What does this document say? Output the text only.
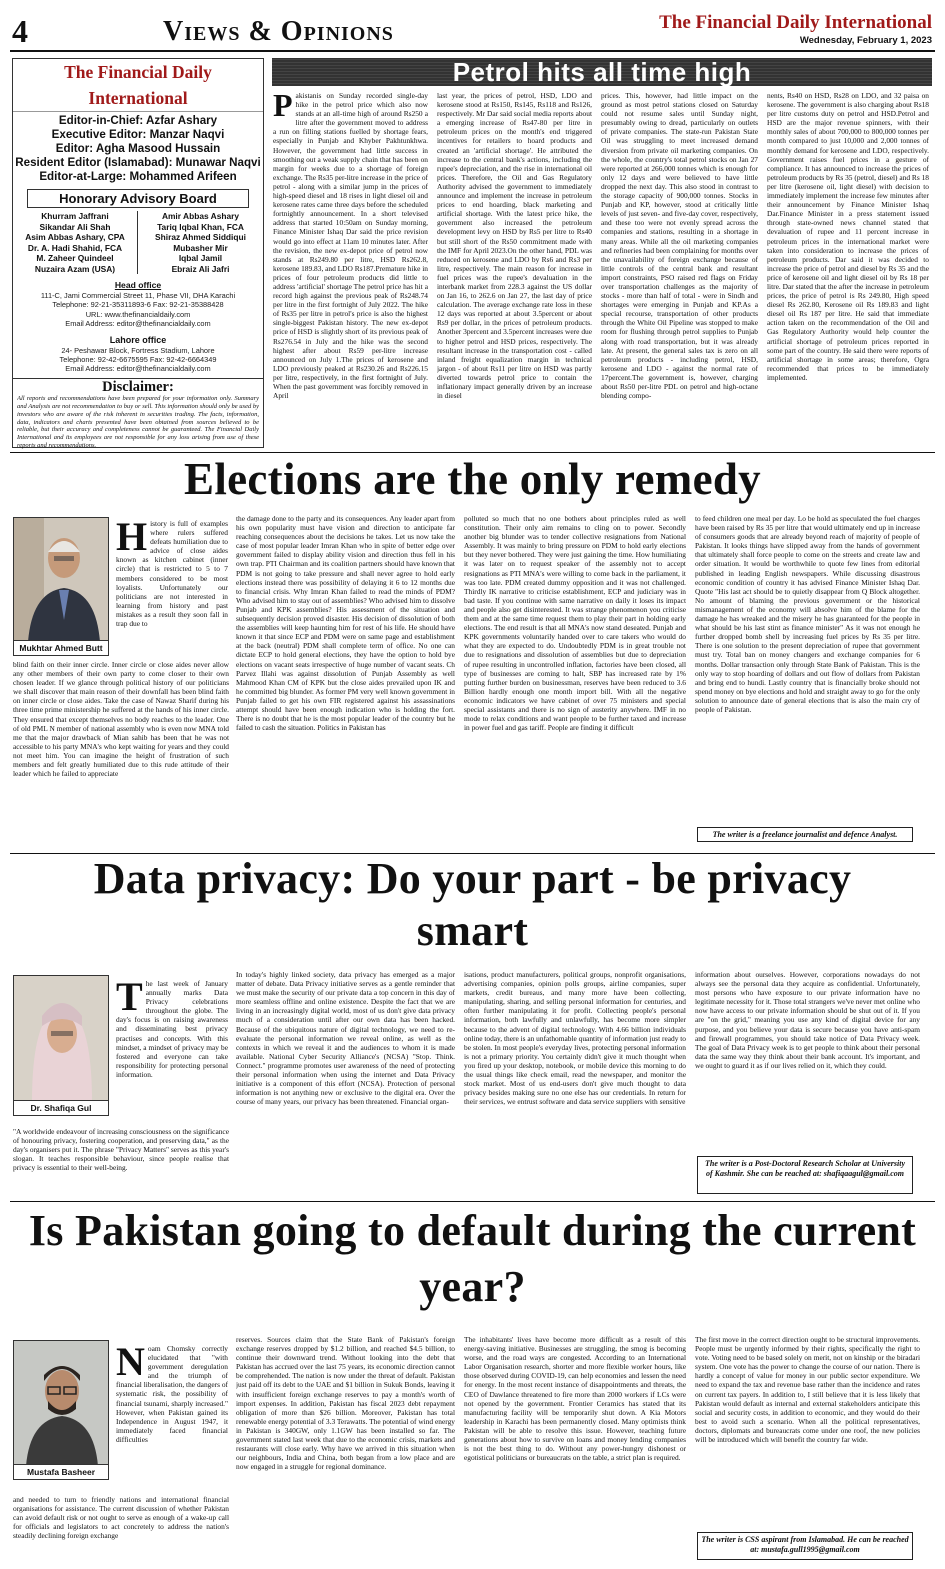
4	Views & Opinions	The Financial Daily International
Wednesday, February 1, 2023
The Financial Daily International
Editor-in-Chief: Azfar Ashary
Executive Editor: Manzar Naqvi
Editor: Agha Masood Hussain
Resident Editor (Islamabad): Munawar Naqvi
Editor-at-Large: Mohammed Arifeen
Honorary Advisory Board
Khurram Jaffrani
Sikandar Ali Shah
Asim Abbas Ashary, CPA
Dr. A. Hadi Shahid, FCA
M. Zaheer Quindeel
Nuzaira Azam (USA)
Amir Abbas Ashary
Tariq Iqbal Khan, FCA
Shiraz Ahmed Siddiqui
Mubasher Mir
Iqbal Jamil
Ebraiz Ali Jafri
Head office
111-C, Jami Commercial Street 11, Phase VII, DHA Karachi
Telephone: 92-21-35311893-6 Fax: 92-21-35388428
URL: www.thefinancialdaily.com
Email Address: editor@thefinancialdaily.com
Lahore office
24- Peshawar Block, Fortress Stadium, Lahore
Telephone: 92-42-6675595 Fax: 92-42-6664349
Email Address: editor@thefinancialdaily.com
Disclaimer:
All reports and recommendations have been prepared for your information only. Summary and Analysis are not recommendation to buy or sell. This information should only be used by investors who are aware of the risk inherent in securities trading. The facts, information, data, indicators and charts presented have been obtained from sources believed to be reliable, but their accuracy and completeness cannot be guaranteed. The Financial Daily International and its employees are not responsible for any loss arising from use of these reports and recommendations.
Petrol hits all time high
Pakistanis on Sunday recorded single-day hike in the petrol price which also now stands at an all-time high of around Rs250 a litre after the government moved to address a run on filling stations fuelled by shortage fears, especially in Punjab and Khyber Pakhtunkhwa. However, the government had little success in smoothing out a weak supply chain that has been on margin for weeks due to a shortage of foreign exchange. The Rs35 per-litre increase in the price of petrol - along with a similar jump in the prices of high-speed diesel and 18 rises in light diesel oil and kerosene rates came three days before the scheduled fortnightly announcement. In a short televised address that started 10:50am on Sunday morning, Finance Minister Ishaq Dar said the price revision would go into effect at 11am 10 minutes later. After the revision, the new ex-depot price of petrol now stands at Rs249.80 per litre, HSD Rs262.8, kerosene 189.83, and LDO Rs187.Premature hike in prices of four petroleum products did little to address 'artificial' shortage The petrol price has hit a record high against the previous peak of Rs248.74 per litre in the first fortnight of July 2022. The hike of Rs35 per litre in petrol's price is also the highest single-biggest Pakistan history. The new ex-depot price of HSD is slightly short of its previous peak of Rs276.54 in July and the hike was the second highest after about Rs59 per-litre increase announced on July 1.The prices of kerosene and LDO previously peaked at Rs230.26 and Rs226.15 per litre, respectively, in the first fortnight of July. When the past government was forcibly removed in April
last year, the prices of petrol, HSD, LDO and kerosene stood at Rs150, Rs145, Rs118 and Rs126, respectively. Mr Dar said social media reports about a emerging increase of Rs47-80 per litre in petroleum prices on the month's end triggered incentives for retailers to hoard products and created an 'artificial shortage'. He attributed the increase to the central bank's actions, including the rupee's depreciation, and the rise in international oil prices. Therefore, the Oil and Gas Regulatory Authority advised the government to immediately announce and implement the increase in petroleum prices to end hoarding, black marketing and artificial shortage. With the latest price hike, the government also increased the petroleum development levy on HSD by Rs5 per litre to Rs40 but still short of the Rs50 commitment made with the IMF for April 2023.On the other hand, PDL was reduced on kerosene and LDO by Rs6 and Rs3 per litre, respectively. The main reason for increase in fuel prices was the rupee's devaluation in the interbank market from 228.3 against the US dollar on Jan 16, to 262.6 on Jan 27, the last day of price calculation. The average exchange rate loss in these 12 days was reported at about 3.5percent or about Rs9 per dollar, in the prices of petroleum products. Another 3percent and 3.5percent increases were due to higher petrol and HSD prices, respectively. The resultant increase in the transportation cost - called inland freight equalization margin in technical jargon - of about Rs11 per litre on HSD was partly diverted towards petrol price to contain the inflationary impact generally driven by an increase in diesel
prices. This, however, had little impact on the ground as most petrol stations closed on Saturday could not resume sales until Sunday night, presumably owing to dread, particularly on outlets of private companies. The state-run Pakistan State Oil was struggling to meet increased demand diversion from private oil marketing companies. On the whole, the country's total petrol stocks on Jan 27 were reported at 266,000 tonnes which is enough for only 12 days and were believed to have little dropped the next day. This also stood in contrast to the storage capacity of 900,000 tonnes. Stocks in Punjab and KP, however, stood at critically little levels of just seven- and five-day cover, respectively, and these too were not evenly spread across the companies and stations, resulting in a shortage in many areas. While all the oil marketing companies and refineries had been complaining for months over the unavailability of foreign exchange because of little controls of the central bank and resultant import constraints, PSO raised red flags on Friday over transportation challenges as the majority of stocks - more than half of total - were in Sindh and shortages were emerging in Punjab and KP.As a special recourse, transportation of other products through the White Oil Pipeline was stopped to make room for flushing through petrol supplies to Punjab along with road transportation, but it was already late. At present, the general sales tax is zero on all petroleum products - including petrol, HSD, kerosene and LDO - against the normal rate of 17percent.The government is, however, charging about Rs50 per-litre PDL on petrol and high-octane blending compo-
nents, Rs40 on HSD, Rs28 on LDO, and 32 paisa on kerosene. The government is also charging about Rs18 per litre customs duty on petrol and HSD.Petrol and HSD are the major revenue spinners, with their monthly sales of about 700,000 to 800,000 tonnes per month compared to just 10,000 and 2,000 tonnes of monthly demand for kerosene and LDO, respectively. Government raises fuel prices in a gesture of compliance. It has announced to increase the prices of petroleum products by Rs 35 (petrol, diesel) and Rs 18 per litre (kerosene oil, light diesel) with decision to immediately implement the increase few minutes after their announcement by Finance Minister Ishaq Dar.Finance Minister in a press statement issued through state-owned news channel stated that devaluation of rupee and 11 percent increase in petroleum prices in the international market were taken into consideration to increase the prices of petroleum products. Dar said it was decided to increase the price of petrol and diesel by Rs 35 and the price of kerosene oil and light diesel oil by Rs 18 per litre. Dar stated that the after the increase in petroleum prices, the price of petrol is Rs 249.80, High speed diesel Rs 262.80, Kerosene oil Rs 189.83 and light diesel oil Rs 187 per litre. He said that immediate action taken on the recommendation of the Oil and Gas Regulatory Authority would help counter the artificial shortage of petroleum prices reported in some part of the country. He said there were reports of artificial shortage in some areas; therefore, Ogra recommended that prices to be immediately implemented.
Elections are the only remedy
Mukhtar Ahmed Butt
History is full of examples where rulers suffered defeats humiliation due to advice of close aides known as kitchen cabinet (inner circle) that is restricted to 5 to 7 members considered to be most loyalists. Unfortunately our politicians are not interested in learning from history and past mistakes as a result they soon fall in trap due to
blind faith on their inner circle. Inner circle or close aides never allow any other members of their own party to come closer to their own chosen leader. If we glance through political history of our politicians we shall discover that main reason of their downfall has been blind faith on inner circle or close aides. Take the case of Nawaz Sharif during his three time prime ministership he suffered at the hands of his inner circle. They ensured that except themselves no body reaches to the leader. One of old PML N member of national assembly who is even now MNA told me that the major drawback of Mian sahib has been that he was not accessible to his party MNA's who kept waiting for years and they could not meet him. You can imagine the height of frustration of such members and felt greatly humiliated due to this rude attitude of their leader which he failed to appreciate
the damage done to the party and its consequences. Any leader apart from his own popularity must have vision and direction to anticipate far reaching consequences about the decisions he takes. Let us now take the case of most popular leader Imran Khan who in spite of better edge over government failed to display ability vision and direction thus fell in his own trap. PTI Chairman and its coalition partners should have known that PDM is not going to take pressure and shall never agree to hold early elections instead there was possibility of delaying it 6 to 12 months due to financial crisis. Why Imran Khan failed to read the minds of PDM? Who advised him to stay out of assemblies? Who advised him to dissolve Punjab and KPK assemblies? His assessment of the situation and subsequently decision proved disaster. His decision of dissolution of both the assemblies will keep haunting him for rest of his life. He should have known it that since ECP and PDM were on same page and establishment at the back (neutral) PDM shall complete term of office. No one can dictate ECP to hold general elections, they have the option to hold bye elections on vacant seats irrespective of huge number of vacant seats. Ch Parvez Illahi was against dissolution of Punjab Assembly as well Mahmood Khan CM of KPK but the close aides prevailed upon IK and he committed big blunder. As former PM very well known government in Punjab failed to get his own FIR registered against his assassinations attempt should have been enough indication who is holding the fort. There is no doubt that he is the most popular leader of the country but he failed to cash the situation. Politics in Pakistan has
polluted so much that no one bothers about principles ruled as well constitution. Their only aim remains to cling on to power. Secondly another big blunder was to tender collective resignations from National Assembly. It was mainly to bring pressure on PDM to hold early elections but they never bothered. They were just gaining the time. How humiliating it was later on to request speaker of the assembly not to accept resignations as PTI MNA's were willing to come back in the parliament, it was too late. PDM created dummy opposition and it was not challenged. Thirdly IK narrative to criticise establishment, ECP and judiciary was in bad taste. If you continue with same narrative on daily it loses its impact and people also get disinterested. It was strange phenomenon you criticise them and at the same time request them to play their part in holding early elections. The end result is that all MNA's now stand deseated. Punjab and KPK governments voluntarily handed over to care takers who would do what they are expected to do. Undoubtedly PDM is in great trouble not due to resignations and dissolution of assemblies but due to depreciation of rupee resulting in uncontrolled inflation, factories have been closed, all type of businesses are coming to halt, SBP has increased rate by 1% putting further burden on businessman, reserves have been reduced to 3.6 Billion hardly enough one month import bill. With all the negative economic indicators we have cabinet of over 75 ministers and special special assistants and there is no sign of austerity anywhere. IMF in no mode to relax conditions and want people to be further taxed and increase in power fuel and gas tariff. People are finding it difficult
to feed children one meal per day. Lo be hold as speculated the fuel charges have been raised by Rs 35 per litre that would ultimately end up in increase of consumers goods that are already beyond reach of majority of people of Pakistan. It looks things have slipped away from the hands of government that ultimately shall force people to come on the streets and create law and order situation. It would be worthwhile to quote few lines from editorial published in leading English newspapers. While discussing disastrous economic condition of country it has advised Finance Minister Ishaq Dar. Quote "His last act should be to quietly disappear from Q Block altogether. No amount of blaming the previous government or the historical mismanagement of the economy will absolve him of the blame for the damage he has wreaked and the misery he has guaranteed for the people in what should be his last stint as finance minister" As it was not enough he further dropped bomb shell by increasing fuel prices by Rs 35 per litre. There is one solution to the present depreciation of rupee that government must try. Total ban on money changers and exchange companies for 6 months. Dollar transaction only through State Bank of Pakistan. This is the only way to stop hoarding of dollars and out flow of dollars from Pakistan and bring end to hundi. Lastly country that is financially broke should not spend money on bye elections and hold and straight away to go for the only solution to announce date of general elections that is also the main cry of people of Pakistan.
The writer is a freelance journalist and defence Analyst.
Data privacy: Do your part - be privacy smart
Dr. Shafiqa Gul
The last week of January annually marks Data Privacy celebrations throughout the globe. The day's focus is on raising awareness and disseminating best privacy practises and concepts. With this mindset, a mindset of privacy may be fostered and everyone can take responsibility for protecting personal information.
"A worldwide endeavour of increasing consciousness on the significance of honouring privacy, fostering cooperation, and preserving data," as the day's organisers put it. The phrase "Privacy Matters" serves as this year's slogan. It teaches responsible behaviour, since people realise that privacy is essential to their well-being.
In today's highly linked society, data privacy has emerged as a major matter of debate. Data Privacy initiative serves as a gentle reminder that we must make the security of our private data a top concern in this day of more seamless offline and online existence. Despite the fact that we are living in an increasingly digital world, most of us don't give data privacy much of a consideration until after our own data has been hacked. Because of the ubiquitous nature of digital technology, we need to re-evaluate the personal information we reveal online, as well as the contexts in which we reveal it and the audiences to whom it is made available. National Cyber Security Alliance's (NCSA) "Stop. Think. Connect." programme promotes user awareness of the need of protecting their personal information when using the internet and Data Privacy initiative is a component of this effort (NCSA). Protection of personal information is not anything new or exclusive to the digital era. Over the course of many years, our privacy has been threatened. Financial organ-
isations, product manufacturers, political groups, nonprofit organisations, advertising companies, opinion polls groups, airline companies, super markets, credit bureaus, and many more have been collecting, manipulating, sharing, and selling personal information for centuries, and often further manipulating it for profit. Collecting people's personal information, both lawfully and unlawfully, has become more simpler because to the advent of digital technology. With 4.66 billion individuals online today, there is an unfathomable quantity of information just ready to be stolen. In most people's everyday lives, protecting personal information is not a primary priority. You certainly didn't give it much thought when you fired up your desktop, notebook, or mobile device this morning to do the usual things like check email, read the newspaper, and monitor the stock market. Most of us end-users don't give much thought to data privacy besides making sure no one else has our credentials. In return for their services, we entrust software and data service suppliers with sensitive
information about ourselves. However, corporations nowadays do not always see the personal data they acquire as confidential. Unfortunately, most persons who have exposure to our private information have no legitimate necessity for it. Those total strangers we've never met online who now have access to our private information should be shut out of it. If you are "on the grid," meaning you use any kind of digital device for any purpose, and you believe your data is secure because you have anti-spam and firewall programmes, you should take notice of Data Privacy week. The goal of Data Privacy week is to get people to think about their personal data the same way they think about their bank account. It's important, and we ought to guard it as if our lives relied on it, which they could.
The writer is a Post-Doctoral Research Scholar at University of Kashmir. She can be reached at: shafiqaagul@gmail.com
Is Pakistan going to default during the current year?
Mustafa Basheer
Noam Chomsky correctly elucidated that "with government deregulation and the triumph of financial liberalisation, the dangers of systematic risk, the possibility of financial tsunami, sharply increased." However, when Pakistan gained its Independence in August 1947, it immediately faced financial difficulties
and needed to turn to friendly nations and international financial organisations for assistance. The current discussion of whether Pakistan can avoid default risk or not ought to serve as enough of a wake-up call for officials and legislators to act concretely to address the nation's steadily declining foreign exchange
reserves. Sources claim that the State Bank of Pakistan's foreign exchange reserves dropped by $1.2 billion, and reached $4.5 billion, to continue their downward trend. Without looking into the debt that Pakistan has accrued over the last 75 years, its economic direction cannot be comprehended. The nation is now under the threat of default. Pakistan just paid off its debt to the UAE and $1 billion in Sukuk Bonds, leaving it with insufficient foreign exchange reserves to pay a month's worth of import expenses. In addition, Pakistan has fiscal 2023 debt repayment obligation of more than $26 billion. Moreover, Pakistan has total renewable energy potential of 3.3 Terawatts. The potential of wind energy in Pakistan is 340GW, only 1.1GW has been installed so far. The government stated last week that due to the economic crisis, markets and restaurants will close early. Why have we arrived in this situation when our neighbours, India and China, both began from a low place and are now engaged in a struggle for regional dominance.
The inhabitants' lives have become more difficult as a result of this energy-saving initiative. Businesses are struggling, the smog is becoming worse, and the road ways are congested. According to an International Labor Organisation research, shorter and more flexible worker hours, like those observed during COVID-19, can help economies and lessen the need for energy. In the most recent instance of disappointments and threats, the CEO of Dawlance threatened to fire more than 2000 workers if LCs were not opened by the government. Frontier Ceramics has stated that its manufacturing facility will be temporarily shut down. A Kia Motors leadership in Karachi has been permanently closed. Many optimists think Pakistan will be able to resolve this issue. However, teaching future generations about how to survive on loans and money lending companies is not the best thing to do. Without any power-hungry dishonest or egotistical politicians or bureaucrats on the table, a strict plan is required.
The first move in the correct direction ought to be structural improvements. People must be urgently informed by their rights, specifically the right to vote. Voting need to be based solely on merit, not on kinship or the biradari system. One vote has the power to change the course of our nation. There is hardly a concept of value for money in our public sector expenditure. We need to expand the tax and revenue base rather than the incidence and rates on current tax payers. In addition to, I still believe that it is less likely that Pakistan would default as internal and external stakeholders anticipate this social and security costs, in addition to economic, and they would do their best to avoid such a scenario. When all the political representatives, doctors, diplomats and bureaucrats come under one roof, the new policies will be introduced which will benefit the country far wide.
The writer is CSS aspirant from Islamabad. He can be reached at: mustafa.gull1995@gmail.com
